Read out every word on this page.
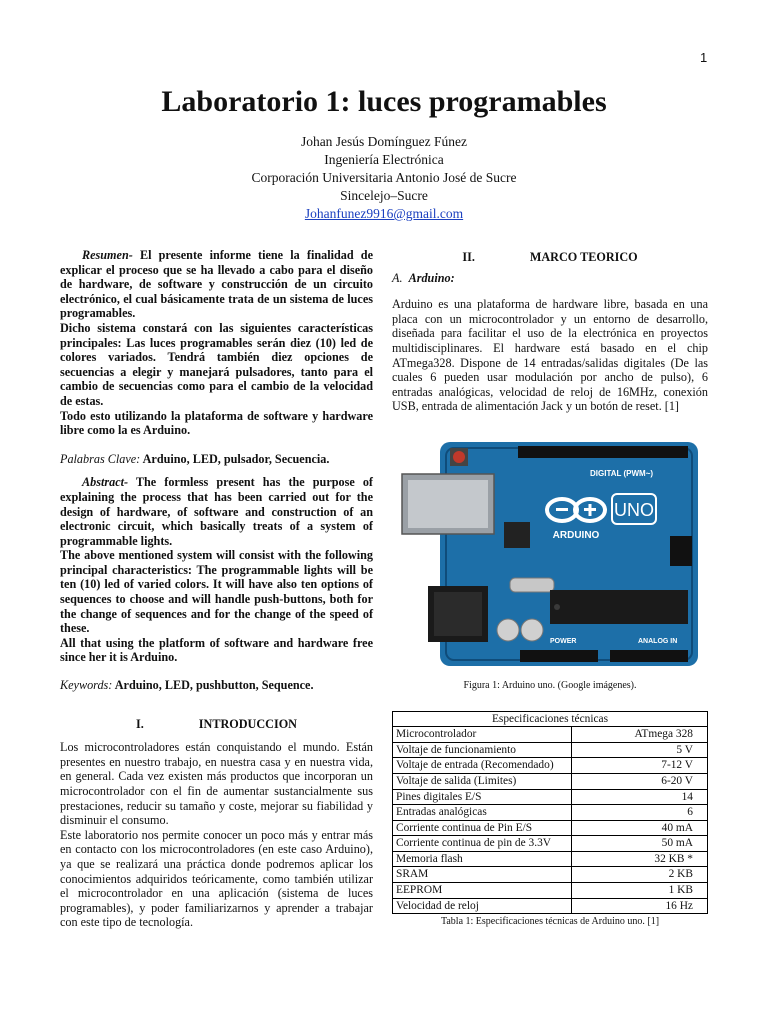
1
Laboratorio 1: luces programables
Johan Jesús Domínguez Fúnez
Ingeniería Electrónica
Corporación Universitaria Antonio José de Sucre
Sincelejo–Sucre
Johanfunez9916@gmail.com

Resumen- El presente informe tiene la finalidad de explicar el proceso que se ha llevado a cabo para el diseño de hardware, de software y construcción de un circuito electrónico, el cual básicamente trata de un sistema de luces programables.

Dicho sistema constará con las siguientes características principales: Las luces programables serán diez (10) led de colores variados. Tendrá también diez opciones de secuencias a elegir y manejará pulsadores, tanto para el cambio de secuencias como para el cambio de la velocidad de estas.

Todo esto utilizando la plataforma de software y hardware libre como la es Arduino.

Palabras Clave: Arduino, LED, pulsador, Secuencia.

Abstract- The formless present has the purpose of explaining the process that has been carried out for the design of hardware, of software and construction of an electronic circuit, which basically treats of a system of programmable lights.

The above mentioned system will consist with the following principal characteristics: The programmable lights will be ten (10) led of varied colors. It will have also ten options of sequences to choose and will handle push-buttons, both for the change of sequences and for the change of the speed of these.

All that using the platform of software and hardware free since her it is Arduino.

Keywords: Arduino, LED, pushbutton, Sequence.

I.	INTRODUCCION

Los microcontroladores están conquistando el mundo. Están presentes en nuestro trabajo, en nuestra casa y en nuestra vida, en general. Cada vez existen más productos que incorporan un microcontrolador con el fin de aumentar sustancialmente sus prestaciones, reducir su tamaño y coste, mejorar su fiabilidad y disminuir el consumo.

Este laboratorio nos permite conocer un poco más y entrar más en contacto con los microcontroladores (en este caso Arduino), ya que se realizará una práctica donde podremos aplicar los conocimientos adquiridos teóricamente, como también utilizar el microcontrolador en una aplicación (sistema de luces programables), y poder familiarizarnos y aprender a trabajar con este tipo de tecnología.

II.	MARCO TEORICO

A. Arduino:

Arduino es una plataforma de hardware libre, basada en una placa con un microcontrolador y un entorno de desarrollo, diseñada para facilitar el uso de la electrónica en proyectos multidisciplinares. El hardware está basado en el chip ATmega328. Dispone de 14 entradas/salidas digitales (De las cuales 6 pueden usar modulación por ancho de pulso), 6 entradas analógicas, velocidad de reloj de 16MHz, conexión USB, entrada de alimentación Jack y un botón de reset. [1]

DIGITAL (PWM~)
UNO
ARDUINO
POWER	ANALOG IN

Figura 1: Arduino uno. (Google imágenes).

Especificaciones técnicas	
Microcontrolador	ATmega 328
Voltaje de funcionamiento	5 V
Voltaje de entrada (Recomendado)	7-12 V
Voltaje de salida (Limites)	6-20 V
Pines digitales E/S	14
Entradas analógicas	6
Corriente continua de Pin E/S	40 mA
Corriente continua de pin de 3.3V	50 mA
Memoria flash	32 KB *
SRAM	2 KB
EEPROM	1 KB
Velocidad de reloj	16 Hz

Tabla 1: Especificaciones técnicas de Arduino uno. [1]
